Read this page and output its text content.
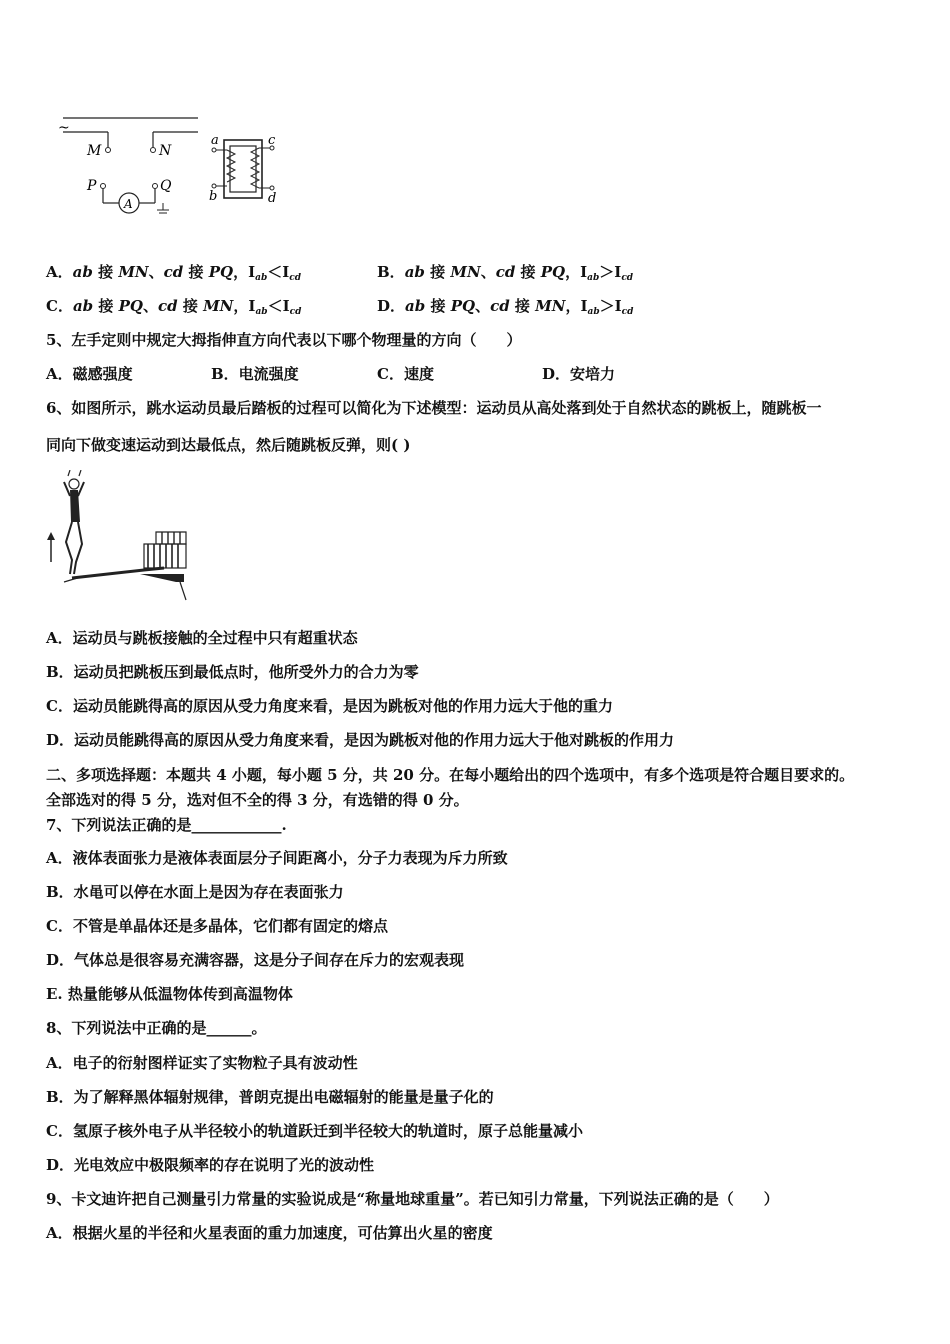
~
M	N
P
A
Q
a
b
c
d
A．ab 接 MN、cd 接 PQ，$I_{ab}<I_{cd}$	B．ab 接 MN、cd 接 PQ，$I_{ab}>I_{cd}$
C．ab 接 PQ、cd 接 MN，$I_{ab}<I_{cd}$	D．ab 接 PQ、cd 接 MN，$I_{ab}>I_{cd}$
5、左手定则中规定大拇指伸直方向代表以下哪个物理量的方向（　　）
A．磁感强度	B．电流强度	C．速度	D．安培力
6、如图所示，跳水运动员最后踏板的过程可以简化为下述模型：运动员从高处落到处于自然状态的跳板上，随跳板一
同向下做变速运动到达最低点，然后随跳板反弹，则( )
A．运动员与跳板接触的全过程中只有超重状态
B．运动员把跳板压到最低点时，他所受外力的合力为零
C．运动员能跳得高的原因从受力角度来看，是因为跳板对他的作用力远大于他的重力
D．运动员能跳得高的原因从受力角度来看，是因为跳板对他的作用力远大于他对跳板的作用力
二、多项选择题：本题共 4 小题，每小题 5 分，共 20 分。在每小题给出的四个选项中，有多个选项是符合题目要求的。
全部选对的得 5 分，选对但不全的得 3 分，有选错的得 0 分。
7、下列说法正确的是____________.
A．液体表面张力是液体表面层分子间距离小，分子力表现为斥力所致
B．水黾可以停在水面上是因为存在表面张力
C．不管是单晶体还是多晶体，它们都有固定的熔点
D．气体总是很容易充满容器，这是分子间存在斥力的宏观表现
E. 热量能够从低温物体传到高温物体
8、下列说法中正确的是______。
A．电子的衍射图样证实了实物粒子具有波动性
B．为了解释黑体辐射规律，普朗克提出电磁辐射的能量是量子化的
C．氢原子核外电子从半径较小的轨道跃迁到半径较大的轨道时，原子总能量减小
D．光电效应中极限频率的存在说明了光的波动性
9、卡文迪许把自己测量引力常量的实验说成是“称量地球重量”。若已知引力常量，下列说法正确的是（　　）
A．根据火星的半径和火星表面的重力加速度，可估算出火星的密度
